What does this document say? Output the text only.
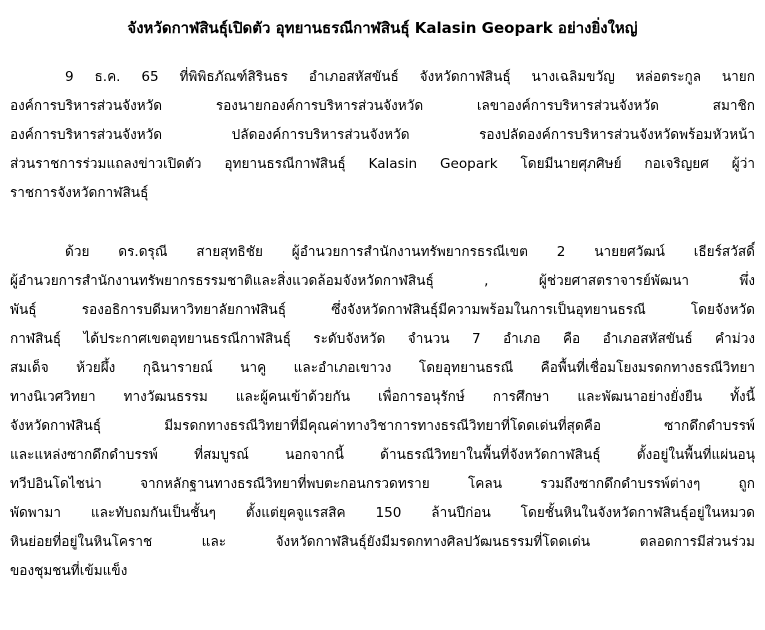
จังหวัดกาฬสินธุ์เปิดตัว อุทยานธรณีกาฬสินธุ์ Kalasin Geopark อย่างยิ่งใหญ่
9 ธ.ค. 65 ที่พิพิธภัณฑ์สิรินธร อำเภอสหัสขันธ์ จังหวัดกาฬสินธุ์ นางเฉลิมขวัญ หล่อตระกูล นายก
องค์การบริหารส่วนจังหวัด รองนายกองค์การบริหารส่วนจังหวัด เลขาองค์การบริหารส่วนจังหวัด สมาชิก
องค์การบริหารส่วนจังหวัด ปลัดองค์การบริหารส่วนจังหวัด รองปลัดองค์การบริหารส่วนจังหวัดพร้อมหัวหน้า
ส่วนราชการร่วมแถลงข่าวเปิดตัว อุทยานธรณีกาฬสินธุ์ Kalasin Geopark โดยมีนายศุภศิษย์ กอเจริญยศ ผู้ว่า
ราชการจังหวัดกาฬสินธุ์
ด้วย ดร.ดรุณี สายสุทธิชัย ผู้อำนวยการสำนักงานทรัพยากรธรณีเขต 2 นายยศวัฒน์ เธียร์สวัสดิ์
ผู้อำนวยการสำนักงานทรัพยากรธรรมชาติและสิ่งแวดล้อมจังหวัดกาฬสินธุ์ , ผู้ช่วยศาสตราจารย์พัฒนา พึ่ง
พันธุ์ รองอธิการบดีมหาวิทยาลัยกาฬสินธุ์ ซึ่งจังหวัดกาฬสินธุ์มีความพร้อมในการเป็นอุทยานธรณี โดยจังหวัด
กาฬสินธุ์ ได้ประกาศเขตอุทยานธรณีกาฬสินธุ์ ระดับจังหวัด จำนวน 7 อำเภอ คือ อำเภอสหัสขันธ์ คำม่วง
สมเด็จ ห้วยผึ้ง กุฉินารายณ์ นาคู และอำเภอเขาวง โดยอุทยานธรณี คือพื้นที่เชื่อมโยงมรดกทางธรณีวิทยา
ทางนิเวศวิทยา ทางวัฒนธรรม และผู้คนเข้าด้วยกัน เพื่อการอนุรักษ์ การศึกษา และพัฒนาอย่างยั่งยืน ทั้งนี้
จังหวัดกาฬสินธุ์ มีมรดกทางธรณีวิทยาที่มีคุณค่าทางวิชาการทางธรณีวิทยาที่โดดเด่นที่สุดคือ ซากดึกดำบรรพ์
และแหล่งซากดึกดำบรรพ์ ที่สมบูรณ์ นอกจากนี้ ด้านธรณีวิทยาในพื้นที่จังหวัดกาฬสินธุ์ ตั้งอยู่ในพื้นที่แผ่นอนุ
ทวีปอินโดไชน่า จากหลักฐานทางธรณีวิทยาที่พบตะกอนกรวดทราย โคลน รวมถึงซากดึกดำบรรพ์ต่างๆ ถูก
พัดพามา และทับถมกันเป็นชั้นๆ ตั้งแต่ยุคจูแรสสิค 150 ล้านปีก่อน โดยชั้นหินในจังหวัดกาฬสินธุ์อยู่ในหมวด
หินย่อยที่อยู่ในหินโคราช และ จังหวัดกาฬสินธุ์ยังมีมรดกทางศิลปวัฒนธรรมที่โดดเด่น ตลอดการมีส่วนร่วม
ของชุมชนที่เข้มแข็ง
